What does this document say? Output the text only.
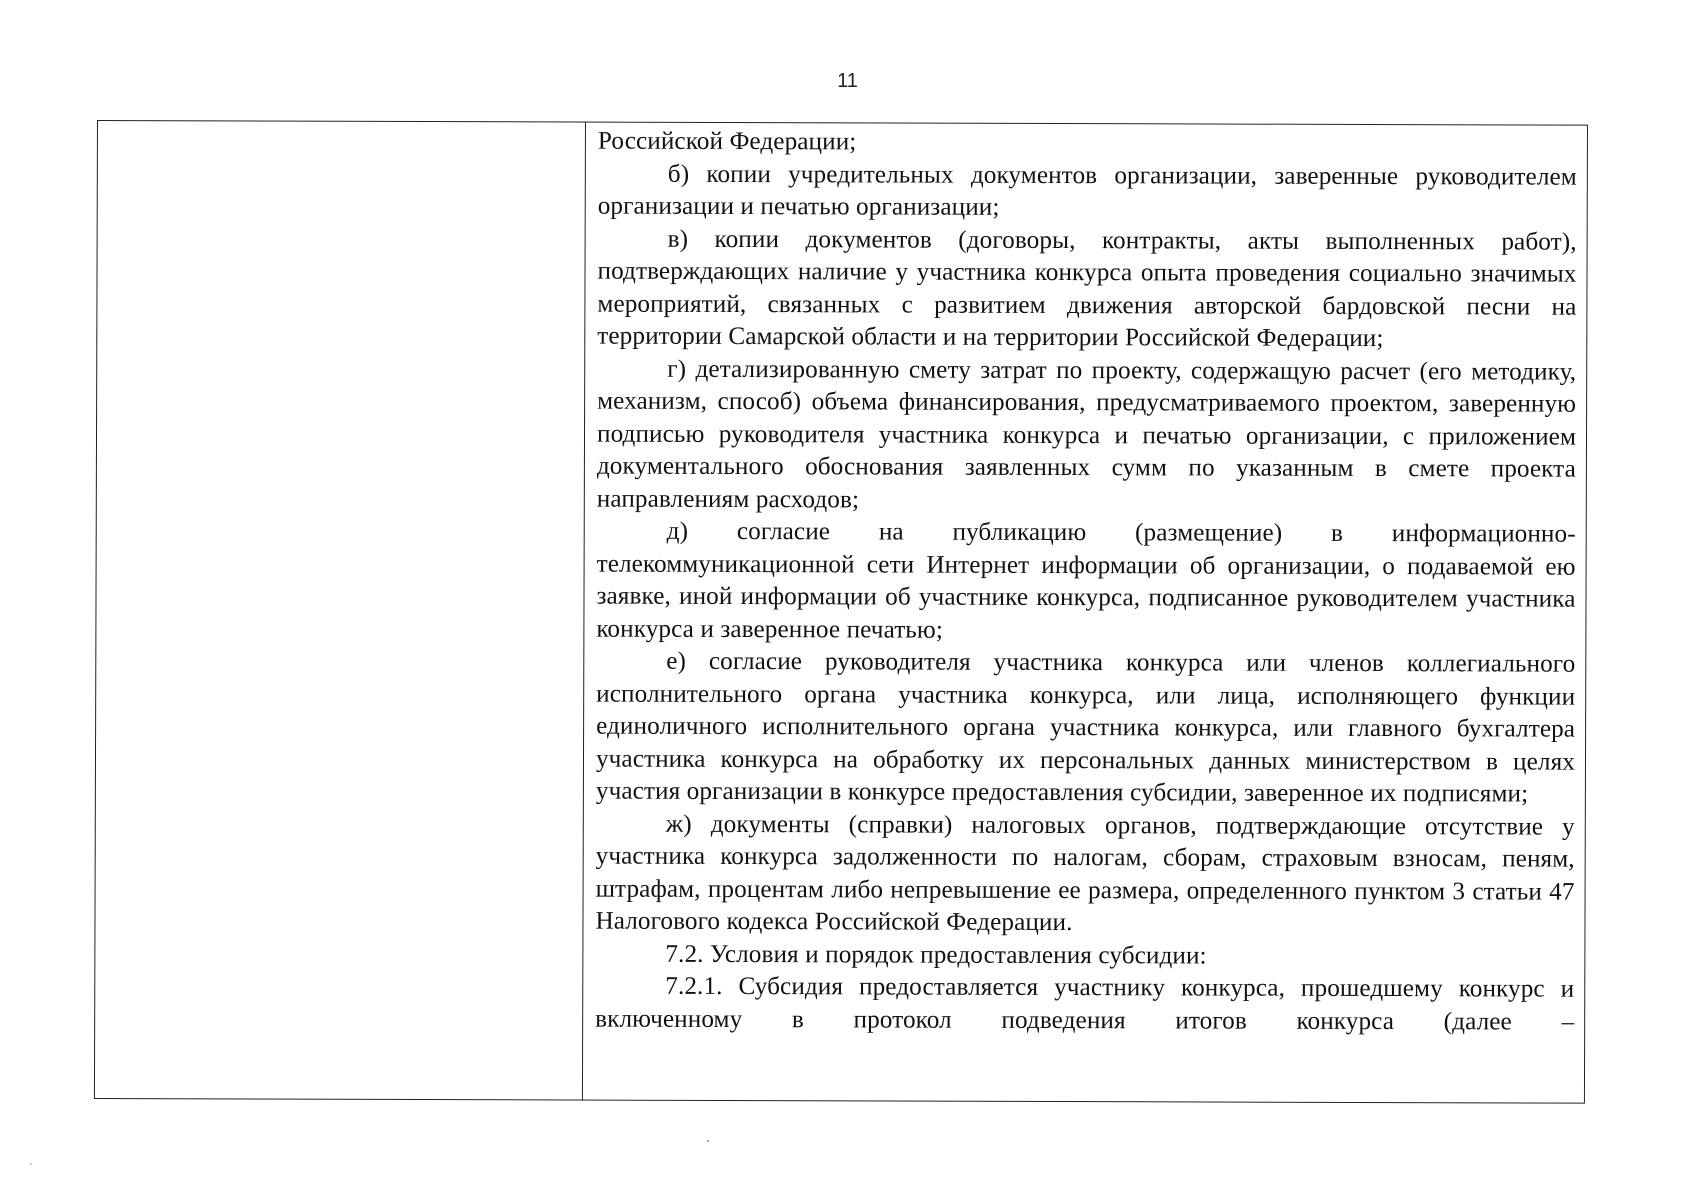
11

Российской Федерации;

б) копии учредительных документов организации, заверенные руководителем организации и печатью организации;

в) копии документов (договоры, контракты, акты выполненных работ), подтверждающих наличие у участника конкурса опыта проведения социально значимых мероприятий, связанных с развитием движения авторской бардовской песни на территории Самарской области и на территории Российской Федерации;

г) детализированную смету затрат по проекту, содержащую расчет (его методику, механизм, способ) объема финансирования, предусматриваемого проектом, заверенную подписью руководителя участника конкурса и печатью организации, с приложением документального обоснования заявленных сумм по указанным в смете проекта направлениям расходов;

д) согласие на публикацию (размещение) в информационно-телекоммуникационной сети Интернет информации об организации, о подаваемой ею заявке, иной информации об участнике конкурса, подписанное руководителем участника конкурса и заверенное печатью;

е) согласие руководителя участника конкурса или членов коллегиального исполнительного органа участника конкурса, или лица, исполняющего функции единоличного исполнительного органа участника конкурса, или главного бухгалтера участника конкурса на обработку их персональных данных министерством в целях участия организации в конкурсе предоставления субсидии, заверенное их подписями;

ж) документы (справки) налоговых органов, подтверждающие отсутствие у участника конкурса задолженности по налогам, сборам, страховым взносам, пеням, штрафам, процентам либо непревышение ее размера, определенного пунктом 3 статьи 47 Налогового кодекса Российской Федерации.

7.2. Условия и порядок предоставления субсидии:

7.2.1. Субсидия предоставляется участнику конкурса, прошедшему конкурс и включенному в протокол подведения итогов конкурса (далее –
